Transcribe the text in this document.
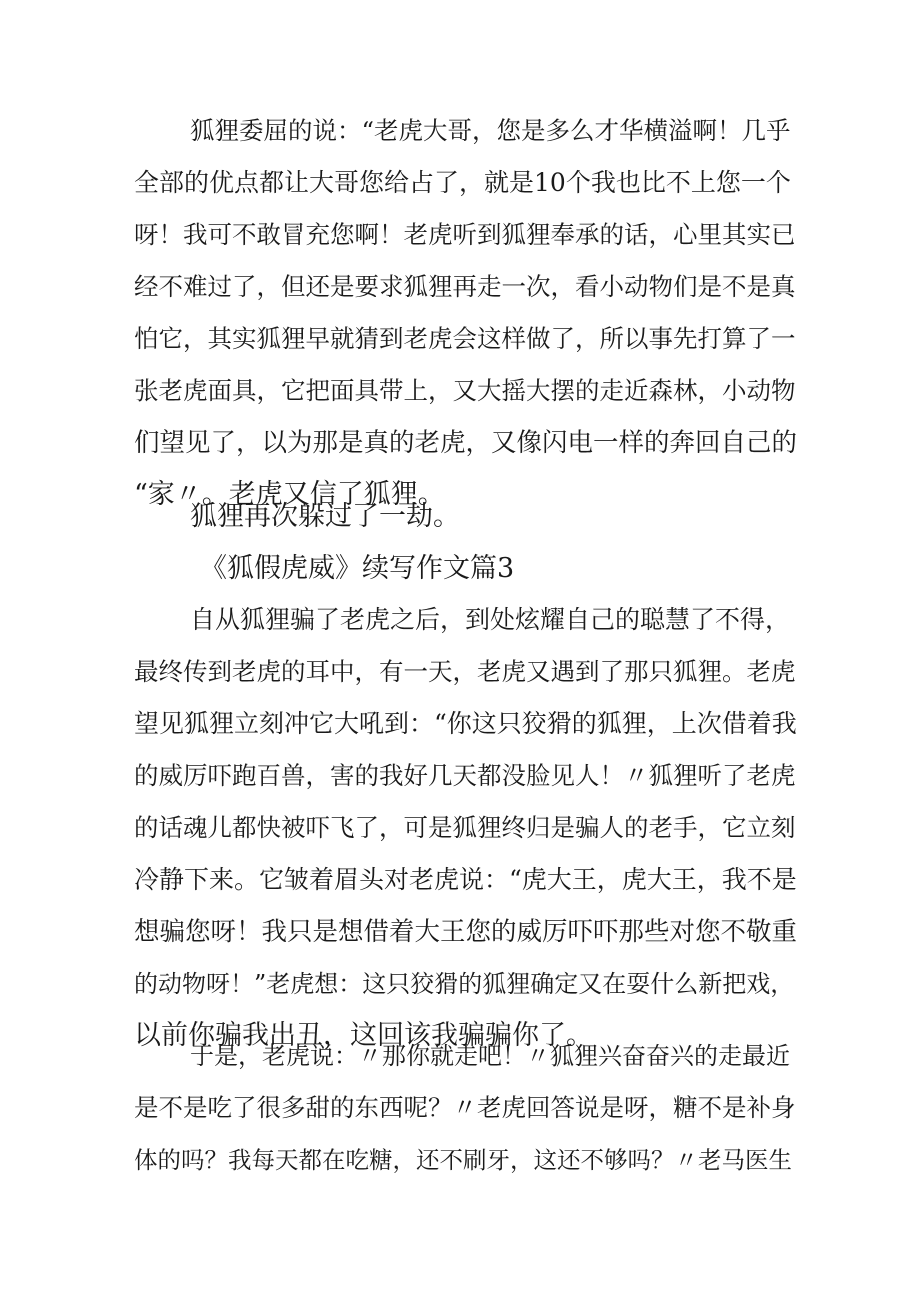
狐狸委屈的说：“老虎大哥，您是多么才华横溢啊！几乎
全部的优点都让大哥您给占了，就是10个我也比不上您一个
呀！我可不敢冒充您啊！老虎听到狐狸奉承的话，心里其实已
经不难过了，但还是要求狐狸再走一次，看小动物们是不是真
怕它，其实狐狸早就猜到老虎会这样做了，所以事先打算了一
张老虎面具，它把面具带上，又大摇大摆的走近森林，小动物
们望见了，以为那是真的老虎，又像闪电一样的奔回自己的
“家〃。老虎又信了狐狸。
狐狸再次躲过了一劫。
《狐假虎威》续写作文篇3
自从狐狸骗了老虎之后，到处炫耀自己的聪慧了不得，
最终传到老虎的耳中，有一天，老虎又遇到了那只狐狸。老虎
望见狐狸立刻冲它大吼到：“你这只狡猾的狐狸，上次借着我
的威厉吓跑百兽，害的我好几天都没脸见人！〃狐狸听了老虎
的话魂儿都快被吓飞了，可是狐狸终归是骗人的老手，它立刻
冷静下来。它皱着眉头对老虎说：“虎大王，虎大王，我不是
想骗您呀！我只是想借着大王您的威厉吓吓那些对您不敬重
的动物呀！”老虎想：这只狡猾的狐狸确定又在耍什么新把戏，
以前你骗我出丑，这回该我骗骗你了。
于是，老虎说：〃那你就走吧！〃狐狸兴奋奋兴的走最近
是不是吃了很多甜的东西呢？〃老虎回答说是呀，糖不是补身
体的吗？我每天都在吃糖，还不刷牙，这还不够吗？〃老马医生
